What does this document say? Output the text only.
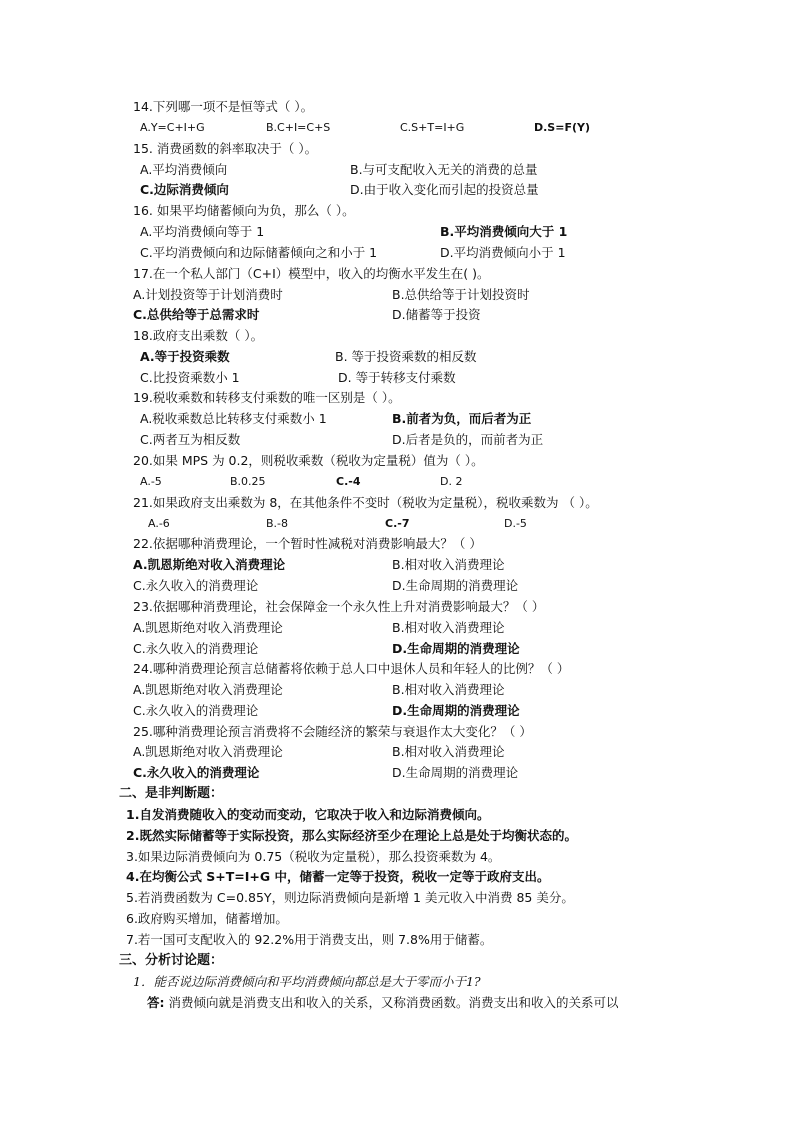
14.下列哪一项不是恒等式（ ）。
A.Y=C+I+G	B.C+I=C+S	C.S+T=I+G	D.S=F(Y)
15. 消费函数的斜率取决于（ ）。
A.平均消费倾向	B.与可支配收入无关的消费的总量
C.边际消费倾向	D.由于收入变化而引起的投资总量
16. 如果平均储蓄倾向为负，那么（ ）。
A.平均消费倾向等于 1	B.平均消费倾向大于 1
C.平均消费倾向和边际储蓄倾向之和小于 1	D.平均消费倾向小于 1
17.在一个私人部门（C+I）模型中，收入的均衡水平发生在( )。
A.计划投资等于计划消费时	B.总供给等于计划投资时
C.总供给等于总需求时	D.储蓄等于投资
18.政府支出乘数（ ）。
A.等于投资乘数	B. 等于投资乘数的相反数
C.比投资乘数小 1	D. 等于转移支付乘数
19.税收乘数和转移支付乘数的唯一区别是（ ）。
A.税收乘数总比转移支付乘数小 1	B.前者为负，而后者为正
C.两者互为相反数	D.后者是负的，而前者为正
20.如果 MPS 为 0.2，则税收乘数（税收为定量税）值为（ ）。
A.-5	B.0.25	C.-4	D. 2
21.如果政府支出乘数为 8，在其他条件不变时（税收为定量税），税收乘数为 （ ）。
A.-6	B.-8	C.-7	D.-5
22.依据哪种消费理论，一个暂时性减税对消费影响最大？（ ）
A.凯恩斯绝对收入消费理论	B.相对收入消费理论
C.永久收入的消费理论	D.生命周期的消费理论
23.依据哪种消费理论，社会保障金一个永久性上升对消费影响最大？（ ）
A.凯恩斯绝对收入消费理论	B.相对收入消费理论
C.永久收入的消费理论	D.生命周期的消费理论
24.哪种消费理论预言总储蓄将依赖于总人口中退休人员和年轻人的比例？（ ）
A.凯恩斯绝对收入消费理论	B.相对收入消费理论
C.永久收入的消费理论	D.生命周期的消费理论
25.哪种消费理论预言消费将不会随经济的繁荣与衰退作太大变化？（ ）
A.凯恩斯绝对收入消费理论	B.相对收入消费理论
C.永久收入的消费理论	D.生命周期的消费理论
二、是非判断题：
1.自发消费随收入的变动而变动，它取决于收入和边际消费倾向。
2.既然实际储蓄等于实际投资，那么实际经济至少在理论上总是处于均衡状态的。
3.如果边际消费倾向为 0.75（税收为定量税），那么投资乘数为 4。
4.在均衡公式 S+T=I+G 中，储蓄一定等于投资，税收一定等于政府支出。
5.若消费函数为 C=0.85Y，则边际消费倾向是新增 1 美元收入中消费 85 美分。
6.政府购买增加，储蓄增加。
7.若一国可支配收入的 92.2%用于消费支出，则 7.8%用于储蓄。
三、分析讨论题：
1．能否说边际消费倾向和平均消费倾向都总是大于零而小于1?
答: 消费倾向就是消费支出和收入的关系，又称消费函数。消费支出和收入的关系可以
